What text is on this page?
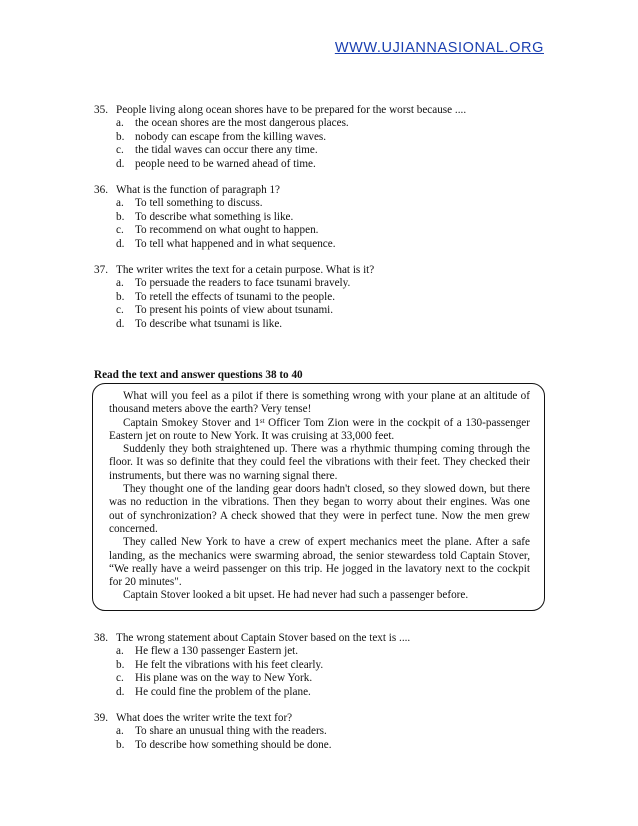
WWW.UJIANNASIONAL.ORG
35. People living along ocean shores have to be prepared for the worst because ....
a.	the ocean shores are the most dangerous places.
b. nobody can escape from the killing waves.
c.	the tidal waves can occur there any time.
d. people need to be warned ahead of time.
36. What is the function of paragraph 1?
a.	To tell something to discuss.
b. To describe what something is like.
c.	To recommend on what ought to happen.
d. To tell what happened and in what sequence.
37. The writer writes the text for a cetain purpose. What is it?
a.	To persuade the readers to face tsunami bravely.
b. To retell the effects of tsunami to the people.
c.	To present his points of view about tsunami.
d. To describe what tsunami is like.
Read the text and answer questions 38 to 40

What will you feel as a pilot if there is something wrong with your plane at an altitude of thousand meters above the earth? Very tense!

Captain Smokey Stover and 1st Officer Tom Zion were in the cockpit of a 130-passenger Eastern jet on route to New York. It was cruising at 33,000 feet.

Suddenly they both straightened up. There was a rhythmic thumping coming through the floor. It was so definite that they could feel the vibrations with their feet. They checked their instruments, but there was no warning signal there.

They thought one of the landing gear doors hadn't closed, so they slowed down, but there was no reduction in the vibrations. Then they began to worry about their engines. Was one out of synchronization? A check showed that they were in perfect tune. Now the men grew concerned.

They called New York to have a crew of expert mechanics meet the plane. After a safe landing, as the mechanics were swarming abroad, the senior stewardess told Captain Stover, “We really have a weird passenger on this trip. He jogged in the lavatory next to the cockpit for 20 minutes".

Captain Stover looked a bit upset. He had never had such a passenger before.

38. The wrong statement about Captain Stover based on the text is ....
a.	He flew a 130 passenger Eastern jet.
b. He felt the vibrations with his feet clearly.
c.	His plane was on the way to New York.
d. He could fine the problem of the plane.
39. What does the writer write the text for?
a.	To share an unusual thing with the readers.
b. To describe how something should be done.
